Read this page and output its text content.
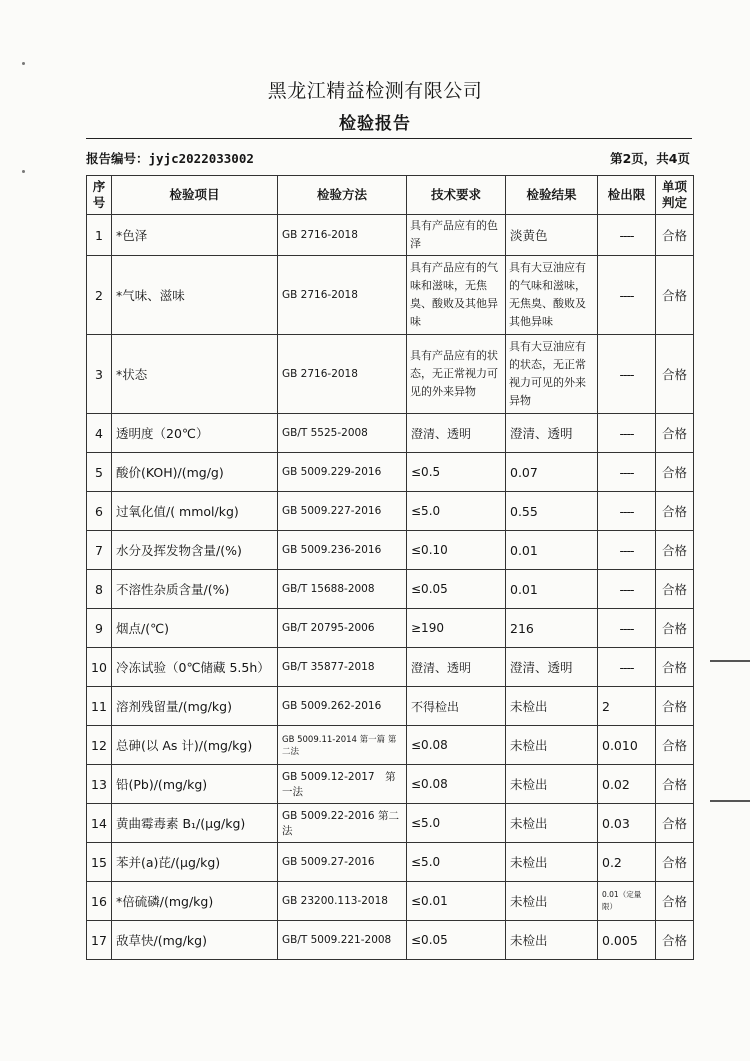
黑龙江精益检测有限公司
检验报告
报告编号：jyjc2022033002	第2页，共4页
序号	检验项目	检验方法	技术要求	检验结果	检出限	单项判定
1	*色泽	GB 2716-2018	具有产品应有的色泽	淡黄色	----	合格
2	*气味、滋味	GB 2716-2018	具有产品应有的气味和滋味，无焦臭、酸败及其他异味	具有大豆油应有的气味和滋味，无焦臭、酸败及其他异味	----	合格
3	*状态	GB 2716-2018	具有产品应有的状态，无正常视力可见的外来异物	具有大豆油应有的状态，无正常视力可见的外来异物	----	合格
4	透明度（20℃）	GB/T 5525-2008	澄清、透明	澄清、透明	----	合格
5	酸价(KOH)/(mg/g)	GB 5009.229-2016	≤0.5	0.07	----	合格
6	过氧化值/( mmol/kg)	GB 5009.227-2016	≤5.0	0.55	----	合格
7	水分及挥发物含量/(%)	GB 5009.236-2016	≤0.10	0.01	----	合格
8	不溶性杂质含量/(%)	GB/T 15688-2008	≤0.05	0.01	----	合格
9	烟点/(℃)	GB/T 20795-2006	≥190	216	----	合格
10	冷冻试验（0℃储藏 5.5h）	GB/T 35877-2018	澄清、透明	澄清、透明	----	合格
11	溶剂残留量/(mg/kg)	GB 5009.262-2016	不得检出	未检出	2	合格
12	总砷(以 As 计)/(mg/kg)	GB 5009.11-2014 第一篇 第二法	≤0.08	未检出	0.010	合格
13	铅(Pb)/(mg/kg)	GB 5009.12-2017　第一法	≤0.08	未检出	0.02	合格
14	黄曲霉毒素 B₁/(μg/kg)	GB 5009.22-2016 第二法	≤5.0	未检出	0.03	合格
15	苯并(a)芘/(μg/kg)	GB 5009.27-2016	≤5.0	未检出	0.2	合格
16	*倍硫磷/(mg/kg)	GB 23200.113-2018	≤0.01	未检出	0.01（定量限）	合格
17	敌草快/(mg/kg)	GB/T 5009.221-2008	≤0.05	未检出	0.005	合格
